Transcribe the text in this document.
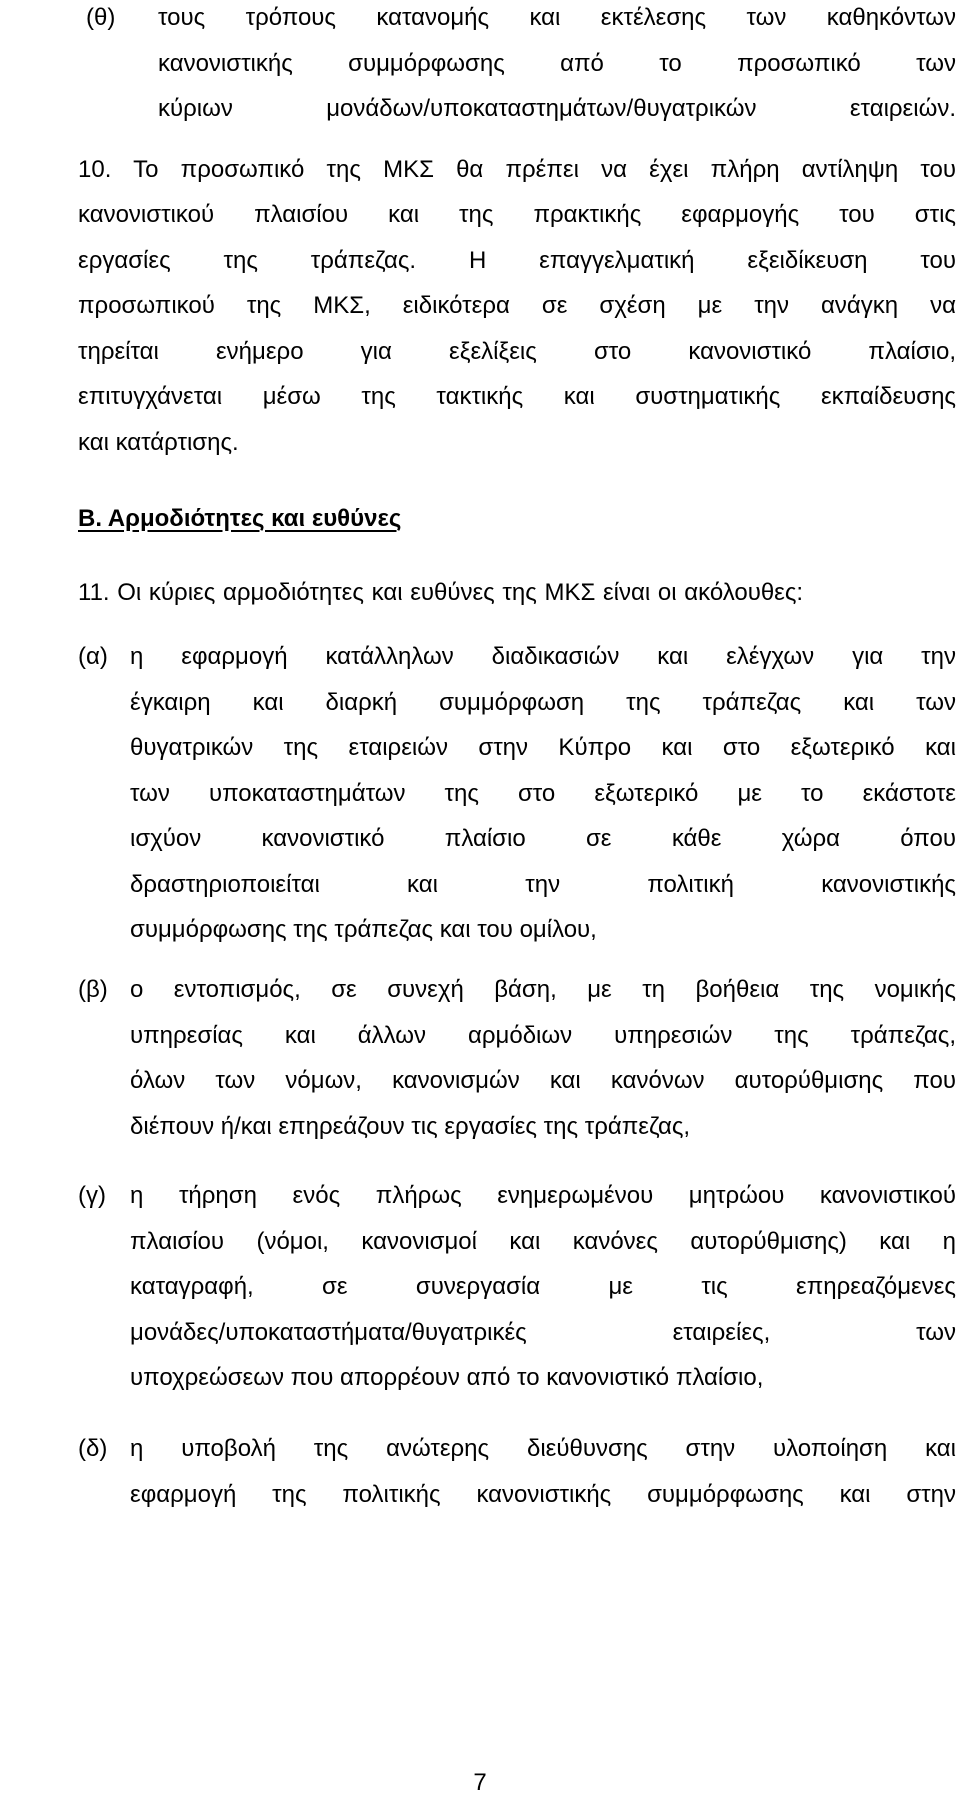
(θ) τους τρόπους κατανομής και εκτέλεσης των καθηκόντων
κανονιστικής συμμόρφωσης από το προσωπικό των
κύριων μονάδων/υποκαταστημάτων/θυγατρικών εταιρειών.
10. Το προσωπικό της ΜΚΣ θα πρέπει να έχει πλήρη αντίληψη του
κανονιστικού πλαισίου και της πρακτικής εφαρμογής του στις
εργασίες της τράπεζας. Η επαγγελματική εξειδίκευση του
προσωπικού της ΜΚΣ, ειδικότερα σε σχέση με την ανάγκη να
τηρείται ενήμερο για εξελίξεις στο κανονιστικό πλαίσιο,
επιτυγχάνεται μέσω της τακτικής και συστηματικής εκπαίδευσης
και κατάρτισης.
Β. Αρμοδιότητες και ευθύνες
11. Οι κύριες αρμοδιότητες και ευθύνες της ΜΚΣ είναι οι ακόλουθες:
(α) η εφαρμογή κατάλληλων διαδικασιών και ελέγχων για την
έγκαιρη και διαρκή συμμόρφωση της τράπεζας και των
θυγατρικών της εταιρειών στην Κύπρο και στο εξωτερικό και
των υποκαταστημάτων της στο εξωτερικό με το εκάστοτε
ισχύον κανονιστικό πλαίσιο σε κάθε χώρα όπου
δραστηριοποιείται και την πολιτική κανονιστικής
συμμόρφωσης της τράπεζας και του ομίλου,
(β) ο εντοπισμός, σε συνεχή βάση, με τη βοήθεια της νομικής
υπηρεσίας και άλλων αρμόδιων υπηρεσιών της τράπεζας,
όλων των νόμων, κανονισμών και κανόνων αυτορύθμισης που
διέπουν ή/και επηρεάζουν τις εργασίες της τράπεζας,
(γ) η τήρηση ενός πλήρως ενημερωμένου μητρώου κανονιστικού
πλαισίου (νόμοι, κανονισμοί και κανόνες αυτορύθμισης) και η
καταγραφή, σε συνεργασία με τις επηρεαζόμενες
μονάδες/υποκαταστήματα/θυγατρικές εταιρείες, των
υποχρεώσεων που απορρέουν από το κανονιστικό πλαίσιο,
(δ) η υποβολή της ανώτερης διεύθυνσης στην υλοποίηση και
εφαρμογή της πολιτικής κανονιστικής συμμόρφωσης και στην
7
